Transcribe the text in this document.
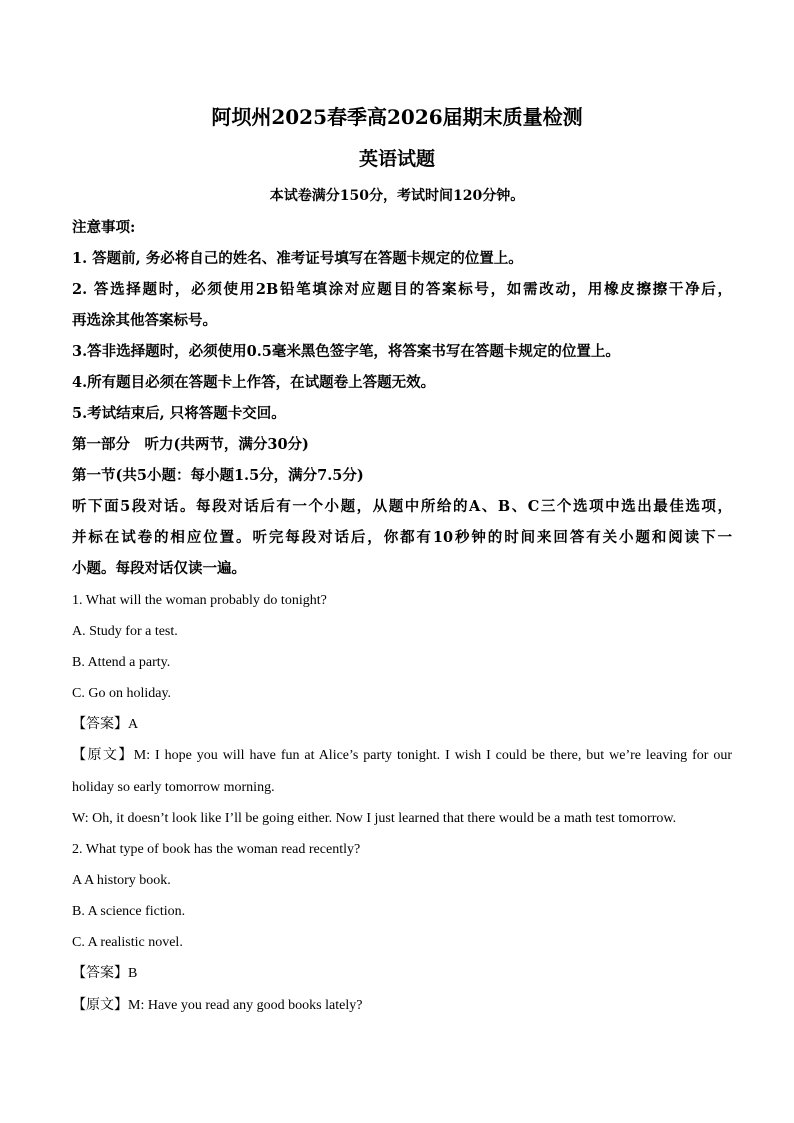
阿坝州2025春季高2026届期末质量检测
英语试题
本试卷满分150分，考试时间120分钟。
注意事项:
1. 答题前, 务必将自己的姓名、准考证号填写在答题卡规定的位置上。
2. 答选择题时，必须使用2B铅笔填涂对应题目的答案标号，如需改动，用橡皮擦擦干净后，
再选涂其他答案标号。
3.答非选择题时，必须使用0.5毫米黑色签字笔，将答案书写在答题卡规定的位置上。
4.所有题目必须在答题卡上作答，在试题卷上答题无效。
5.考试结束后, 只将答题卡交回。
第一部分　听力(共两节，满分30分)
第一节(共5小题：每小题1.5分，满分7.5分)
听下面5段对话。每段对话后有一个小题，从题中所给的A、B、C三个选项中选出最佳选项，
并标在试卷的相应位置。听完每段对话后，你都有10秒钟的时间来回答有关小题和阅读下一
小题。每段对话仅读一遍。
1. What will the woman probably do tonight?
A. Study for a test.
B. Attend a party.
C. Go on holiday.
【答案】A
【原文】M: I hope you will have fun at Alice’s party tonight. I wish I could be there, but we’re leaving for our
holiday so early tomorrow morning.
W: Oh, it doesn’t look like I’ll be going either. Now I just learned that there would be a math test tomorrow.
2. What type of book has the woman read recently?
A A history book.
B. A science fiction.
C. A realistic novel.
【答案】B
【原文】M: Have you read any good books lately?
